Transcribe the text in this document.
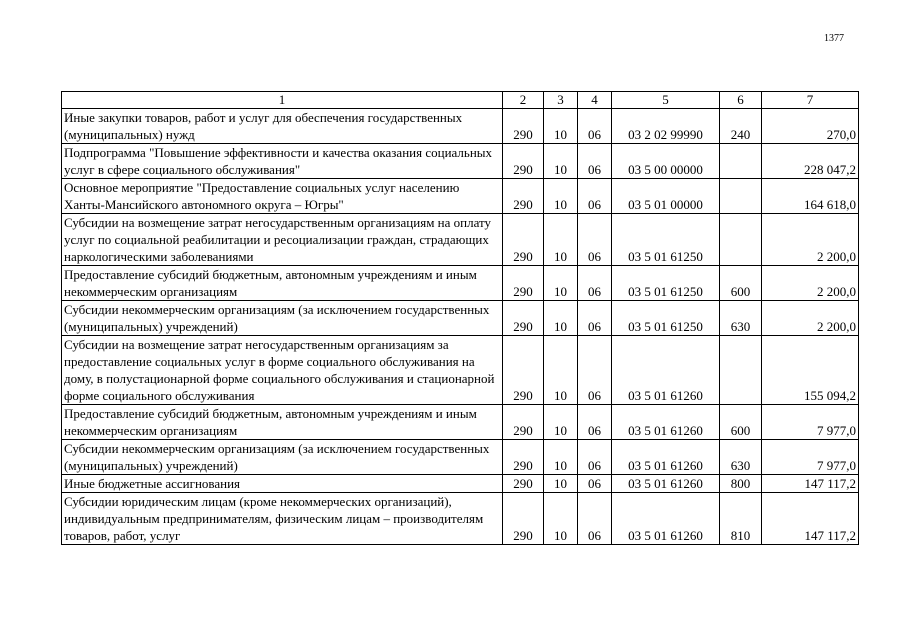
1377
1	2	3	4	5	6	7
Иные закупки товаров, работ и услуг для обеспечения государственных (муниципальных) нужд	290	10	06	03 2 02 99990	240	270,0
Подпрограмма "Повышение эффективности и качества оказания социальных услуг в сфере социального обслуживания"	290	10	06	03 5 00 00000		228 047,2
Основное мероприятие "Предоставление социальных услуг населению Ханты-Мансийского автономного округа – Югры"	290	10	06	03 5 01 00000		164 618,0
Субсидии на возмещение затрат негосударственным организациям на оплату услуг по социальной реабилитации и ресоциализации граждан, страдающих наркологическими заболеваниями	290	10	06	03 5 01 61250		2 200,0
Предоставление субсидий бюджетным, автономным учреждениям и иным некоммерческим организациям	290	10	06	03 5 01 61250	600	2 200,0
Субсидии некоммерческим организациям (за исключением государственных (муниципальных) учреждений)	290	10	06	03 5 01 61250	630	2 200,0
Субсидии на возмещение затрат негосударственным организациям за предоставление социальных услуг в форме социального обслуживания на дому, в полустационарной форме социального обслуживания и стационарной форме социального обслуживания	290	10	06	03 5 01 61260		155 094,2
Предоставление субсидий бюджетным, автономным учреждениям и иным некоммерческим организациям	290	10	06	03 5 01 61260	600	7 977,0
Субсидии некоммерческим организациям (за исключением государственных (муниципальных) учреждений)	290	10	06	03 5 01 61260	630	7 977,0
Иные бюджетные ассигнования	290	10	06	03 5 01 61260	800	147 117,2
Субсидии юридическим лицам (кроме некоммерческих организаций), индивидуальным предпринимателям, физическим лицам – производителям товаров, работ, услуг	290	10	06	03 5 01 61260	810	147 117,2
